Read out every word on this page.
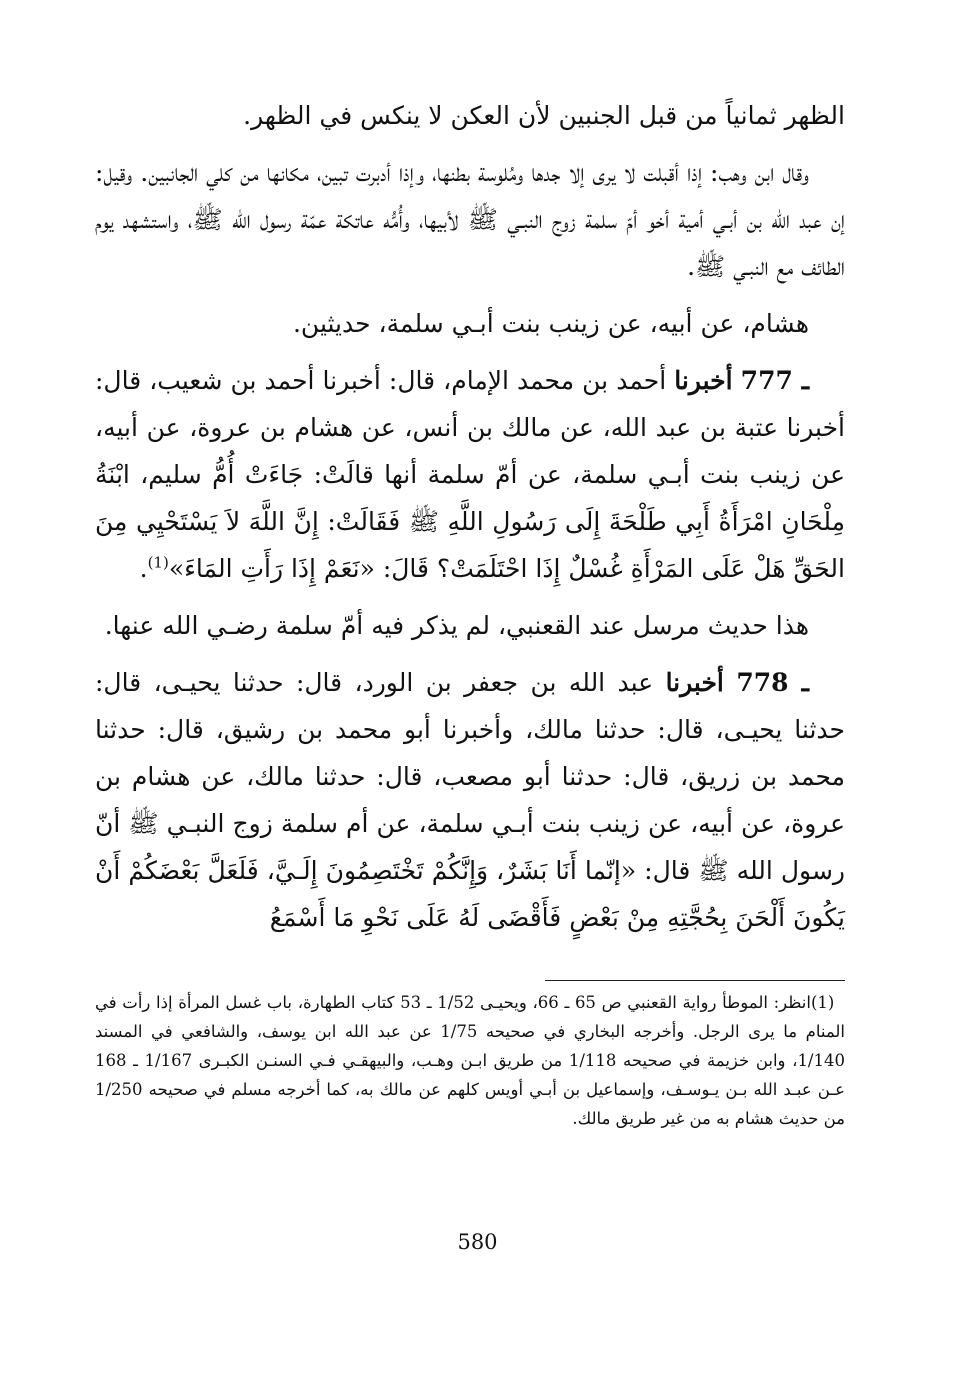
الظهر ثمانياً من قبل الجنبين لأن العكن لا ينكس في الظهر.

وقال ابن وهب: إذا أقبلت لا يرى إلا جدها ومُلوسة بطنها، وإذا أدبرت تبين، مكانها من كلي الجانبين. وقيل: إن عبد الله بن أبـي أمية أخو أمّ سلمة زوج النبـي ﷺ لأبيها، وأُمُّه عاتكة عمّة رسول الله ﷺ، واستشهد يوم الطائف مع النبـي ﷺ.

هشام، عن أبيه، عن زينب بنت أبـي سلمة، حديثين.

777 ـ أخبرنا أحمد بن محمد الإمام، قال: أخبرنا أحمد بن شعيب، قال: أخبرنا عتبة بن عبد الله، عن مالك بن أنس، عن هشام بن عروة، عن أبيه، عن زينب بنت أبـي سلمة، عن أمّ سلمة أنها قالَتْ: جَاءَتْ أُمُّ سليم، ابْنَةُ مِلْحَانِ امْرَأَةُ أَبِي طَلْحَةَ إِلَى رَسُولِ اللَّهِ ﷺ فَقَالَتْ: إِنَّ اللَّهَ لاَ يَسْتَحْيِي مِنَ الحَقِّ هَلْ عَلَى المَرْأَةِ غُسْلٌ إِذَا احْتَلَمَتْ؟ قَالَ: «نَعَمْ إِذَا رَأَتِ المَاءَ»$^{(1)}$.

هذا حديث مرسل عند القعنبي، لم يذكر فيه أمّ سلمة رضـي الله عنها.

778 ـ أخبرنا عبد الله بن جعفر بن الورد، قال: حدثنا يحيـى، قال: حدثنا يحيـى، قال: حدثنا مالك، وأخبرنا أبو محمد بن رشيق، قال: حدثنا محمد بن زريق، قال: حدثنا أبو مصعب، قال: حدثنا مالك، عن هشام بن عروة، عن أبيه، عن زينب بنت أبـي سلمة، عن أم سلمة زوج النبـي ﷺ أنّ رسول الله ﷺ قال: «إنّما أَنَا بَشَرٌ، وَإِنَّكُمْ تَخْتَصِمُونَ إِلَـيَّ، فَلَعَلَّ بَعْضَكُمْ أَنْ يَكُونَ أَلْحَنَ بِحُجَّتِهِ مِنْ بَعْضٍ فَأَقْضَى لَهُ عَلَى نَحْوِ مَا أَسْمَعُ

(1)انظر: الموطأ رواية القعنبي ص 65 ـ 66، ويحيـى 1/52 ـ 53 كتاب الطهارة، باب غسل المرأة إذا رأت في المنام ما يرى الرجل. وأخرجه البخاري في صحيحه 1/75 عن عبد الله ابن يوسف، والشافعي في المسند 1/140، وابن خزيمة في صحيحه 1/118 من طريق ابـن وهـب، والبيهقـي فـي السنـن الكبـرى 1/167 ـ 168 عـن عبـد الله بـن يـوسـف، وإسماعيل بن أبـي أويس كلهم عن مالك به، كما أخرجه مسلم في صحيحه 1/250 من حديث هشام به من غير طريق مالك.

580
